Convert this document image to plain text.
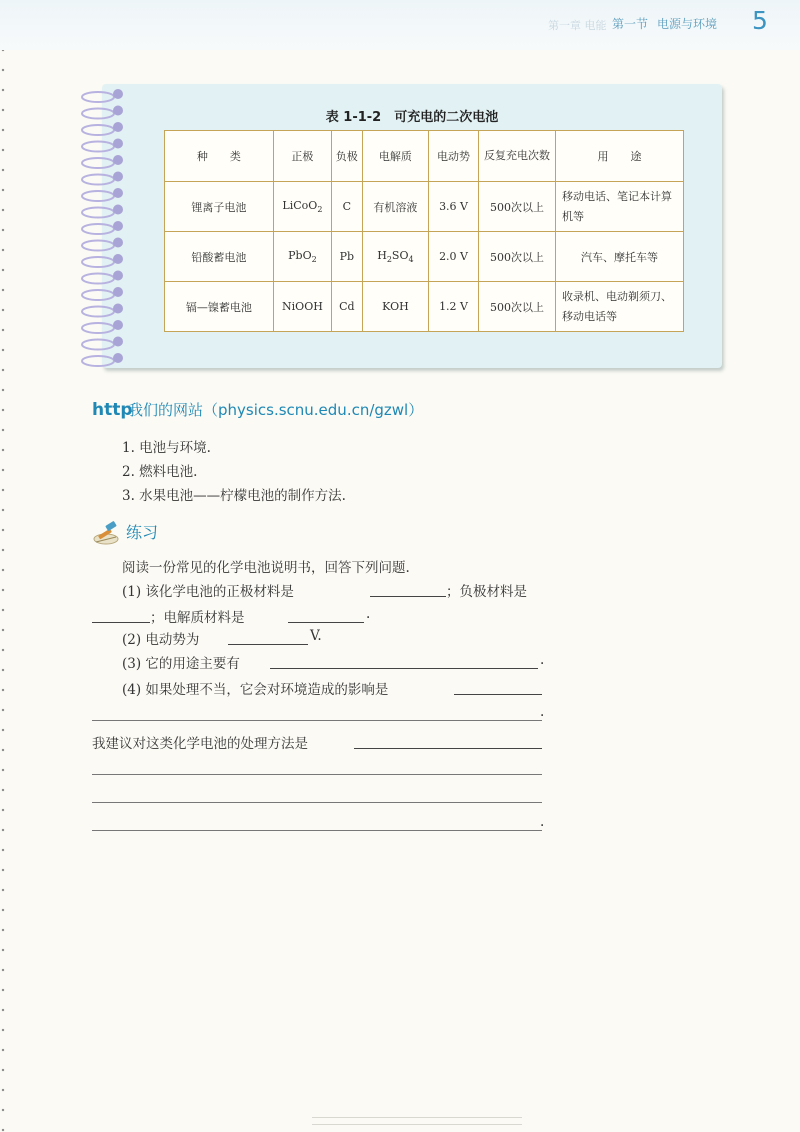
第一章 电能 第一节 电源与环境	5
表 1-1-2　可充电的二次电池
种　　类	正极	负极	电解质	电动势	反复充电次数	用　　途
锂离子电池	LiCoO$_2$	C	有机溶液	3.6 V	500次以上	移动电话、笔记本计算机等
铅酸蓄电池	PbO$_2$	Pb	$H_2SO_4$	2.0 V	500次以上	汽车、摩托车等
镉—镍蓄电池	NiOOH	Cd	KOH	1.2 V	500次以上	收录机、电动剃须刀、移动电话等
http
我们的网站（physics.scnu.edu.cn/gzwl）
1. 电池与环境.
2. 燃料电池.
3. 水果电池——柠檬电池的制作方法.
练习
阅读一份常见的化学电池说明书，回答下列问题.
(1) 该化学电池的正极材料是	；负极材料是
；电解质材料是	.
(2) 电动势为	V.
(3) 它的用途主要有	.
(4) 如果处理不当，它会对环境造成的影响是
.
我建议对这类化学电池的处理方法是
.
